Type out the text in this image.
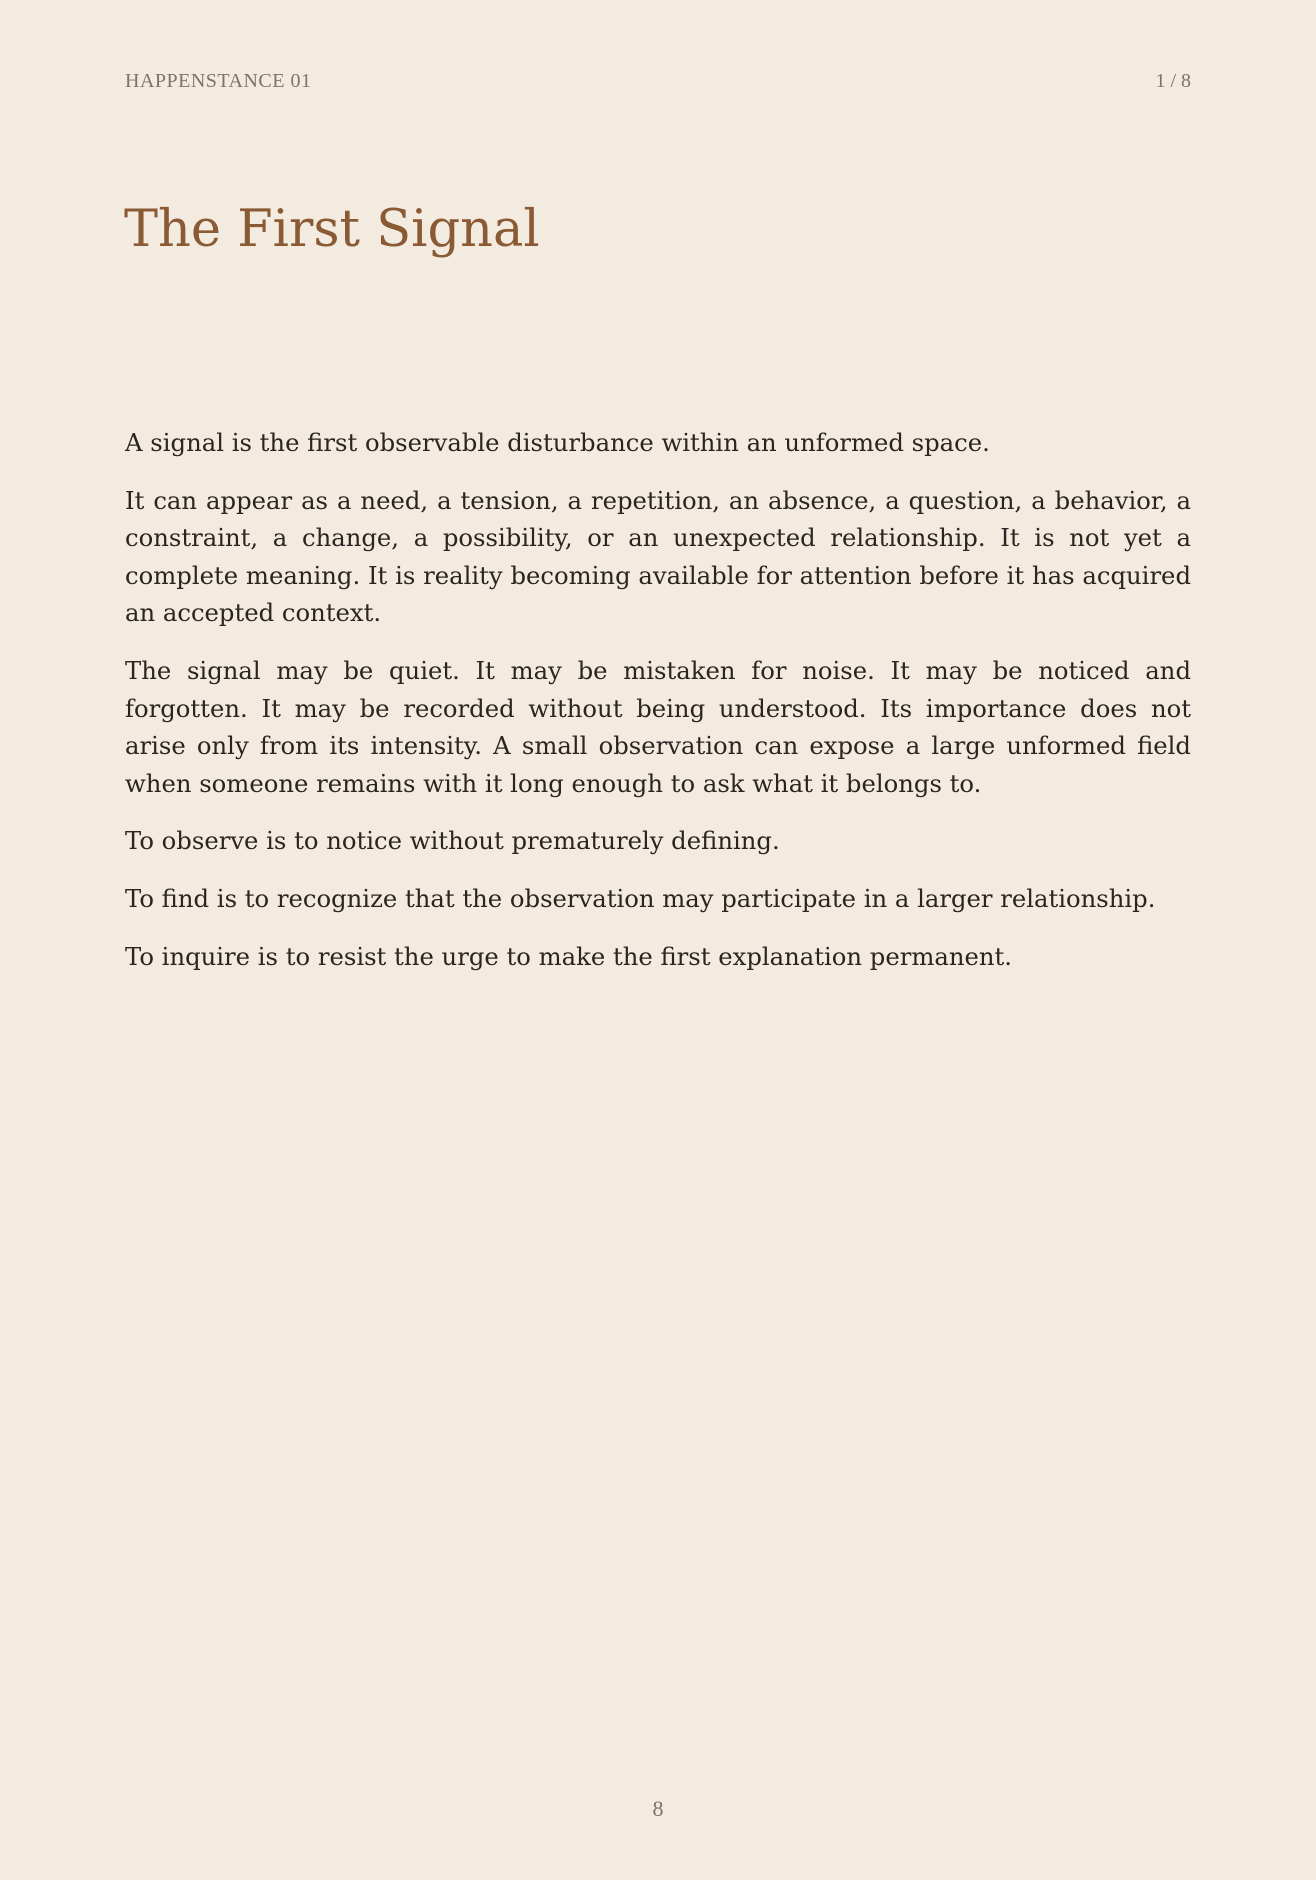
HAPPENSTANCE 01	1 / 8
The First Signal

A signal is the first observable disturbance within an unformed space.

It can appear as a need, a tension, a repetition, an absence, a question, a behavior, a constraint, a change, a possibility, or an unexpected relationship. It is not yet a complete meaning. It is reality becoming available for attention before it has acquired an accepted context.

The signal may be quiet. It may be mistaken for noise. It may be noticed and forgotten. It may be recorded without being understood. Its importance does not arise only from its intensity. A small observation can expose a large unformed field when someone remains with it long enough to ask what it belongs to.

To observe is to notice without prematurely defining.

To find is to recognize that the observation may participate in a larger relationship.

To inquire is to resist the urge to make the first explanation permanent.

8
